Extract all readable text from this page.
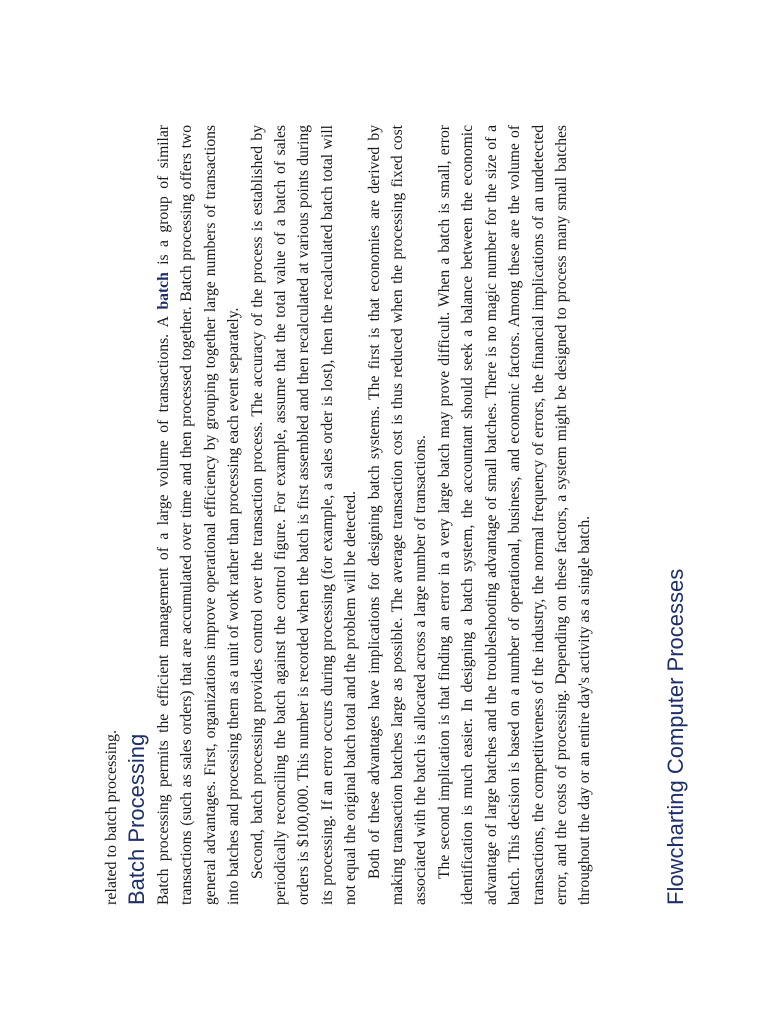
related to batch processing. Batch Processing Batch processing permits the efficient management of a large volume of transactions. A batch is a group of similar transactions (such as sales orders) that are accumulated over time and then processed together. Batch processing offers two general advantages. First, organizations improve operational efficiency by grouping together large numbers of transactions into batches and processing them as a unit of work rather than processing each event separately. Second, batch processing provides control over the transaction process. The accuracy of the process is established by periodically reconciling the batch against the control figure. For example, assume that the total value of a batch of sales orders is $100,000. This number is recorded when the batch is first assembled and then recalculated at various points during its processing. If an error occurs during processing (for example, a sales order is lost), then the recalculated batch total will not equal the original batch total and the problem will be detected. Both of these advantages have implications for designing batch systems. The first is that economies are derived by making transaction batches large as possible. The average transaction cost is thus reduced when the processing fixed cost associated with the batch is allocated across a large number of transactions. The second implication is that finding an error in a very large batch may prove difficult. When a batch is small, error identification is much easier. In designing a batch system, the accountant should seek a balance between the economic advantage of large batches and the troubleshooting advantage of small batches. There is no magic number for the size of a batch. This decision is based on a number of operational, business, and economic factors. Among these are the volume of transactions, the competitiveness of the industry, the normal frequency of errors, the financial implications of an undetected error, and the costs of processing. Depending on these factors, a system might be designed to process many small batches throughout the day or an entire day's activity as a single batch.	Flowcharting Computer Processes
